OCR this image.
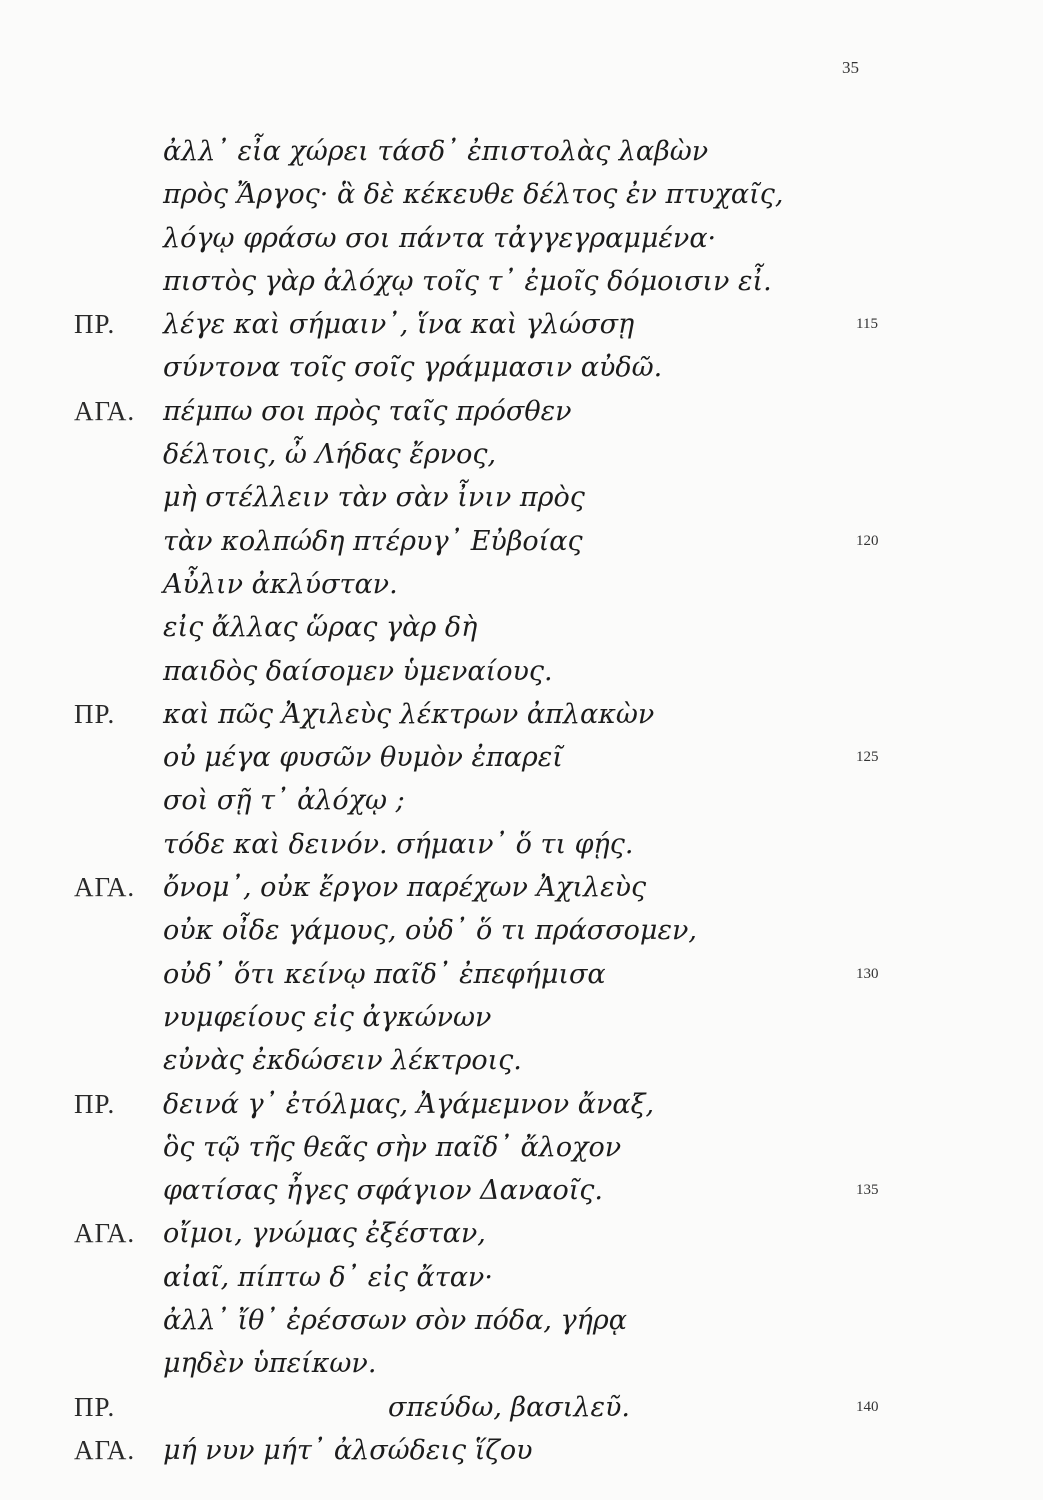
35
ἀλλ᾽ εἶα χώρει τάσδ᾽ ἐπιστολὰς λαβὼν
πρὸς Ἄργος· ἃ δὲ κέκευθε δέλτος ἐν πτυχαῖς,
λόγῳ φράσω σοι πάντα τἀγγεγραμμένα·
πιστὸς γὰρ ἀλόχῳ τοῖς τ᾽ ἐμοῖς δόμοισιν εἶ.
ΠΡ. λέγε καὶ σήμαιν᾽, ἵνα καὶ γλώσσῃ	115
σύντονα τοῖς σοῖς γράμμασιν αὐδῶ.
ΑΓΑ. πέμπω σοι πρὸς ταῖς πρόσθεν
δέλτοις, ὦ Λήδας ἔρνος,
μὴ στέλλειν τὰν σὰν ἶνιν πρὸς
τὰν κολπώδη πτέρυγ᾽ Εὐβοίας	120
Αὖλιν ἀκλύσταν.
εἰς ἄλλας ὥρας γὰρ δὴ
παιδὸς δαίσομεν ὑμεναίους.
ΠΡ. καὶ πῶς Ἀχιλεὺς λέκτρων ἀπλακὼν
οὐ μέγα φυσῶν θυμὸν ἐπαρεῖ	125
σοὶ σῇ τ᾽ ἀλόχῳ ;
τόδε καὶ δεινόν. σήμαιν᾽ ὅ τι φῄς.
ΑΓΑ. ὄνομ᾽, οὐκ ἔργον παρέχων Ἀχιλεὺς
οὐκ οἶδε γάμους, οὐδ᾽ ὅ τι πράσσομεν,
οὐδ᾽ ὅτι κείνῳ παῖδ᾽ ἐπεφήμισα	130
νυμφείους εἰς ἀγκώνων
εὐνὰς ἐκδώσειν λέκτροις.
ΠΡ. δεινά γ᾽ ἐτόλμας, Ἀγάμεμνον ἄναξ,
ὃς τῷ τῆς θεᾶς σὴν παῖδ᾽ ἄλοχον
φατίσας ἦγες σφάγιον Δαναοῖς.	135
ΑΓΑ. οἴμοι, γνώμας ἐξέσταν,
αἰαῖ, πίπτω δ᾽ εἰς ἄταν·
ἀλλ᾽ ἴθ᾽ ἐρέσσων σὸν πόδα, γήρᾳ
μηδὲν ὑπείκων.
ΠΡ.	σπεύδω, βασιλεῦ.	140
ΑΓΑ. μή νυν μήτ᾽ ἀλσώδεις ἵζου
